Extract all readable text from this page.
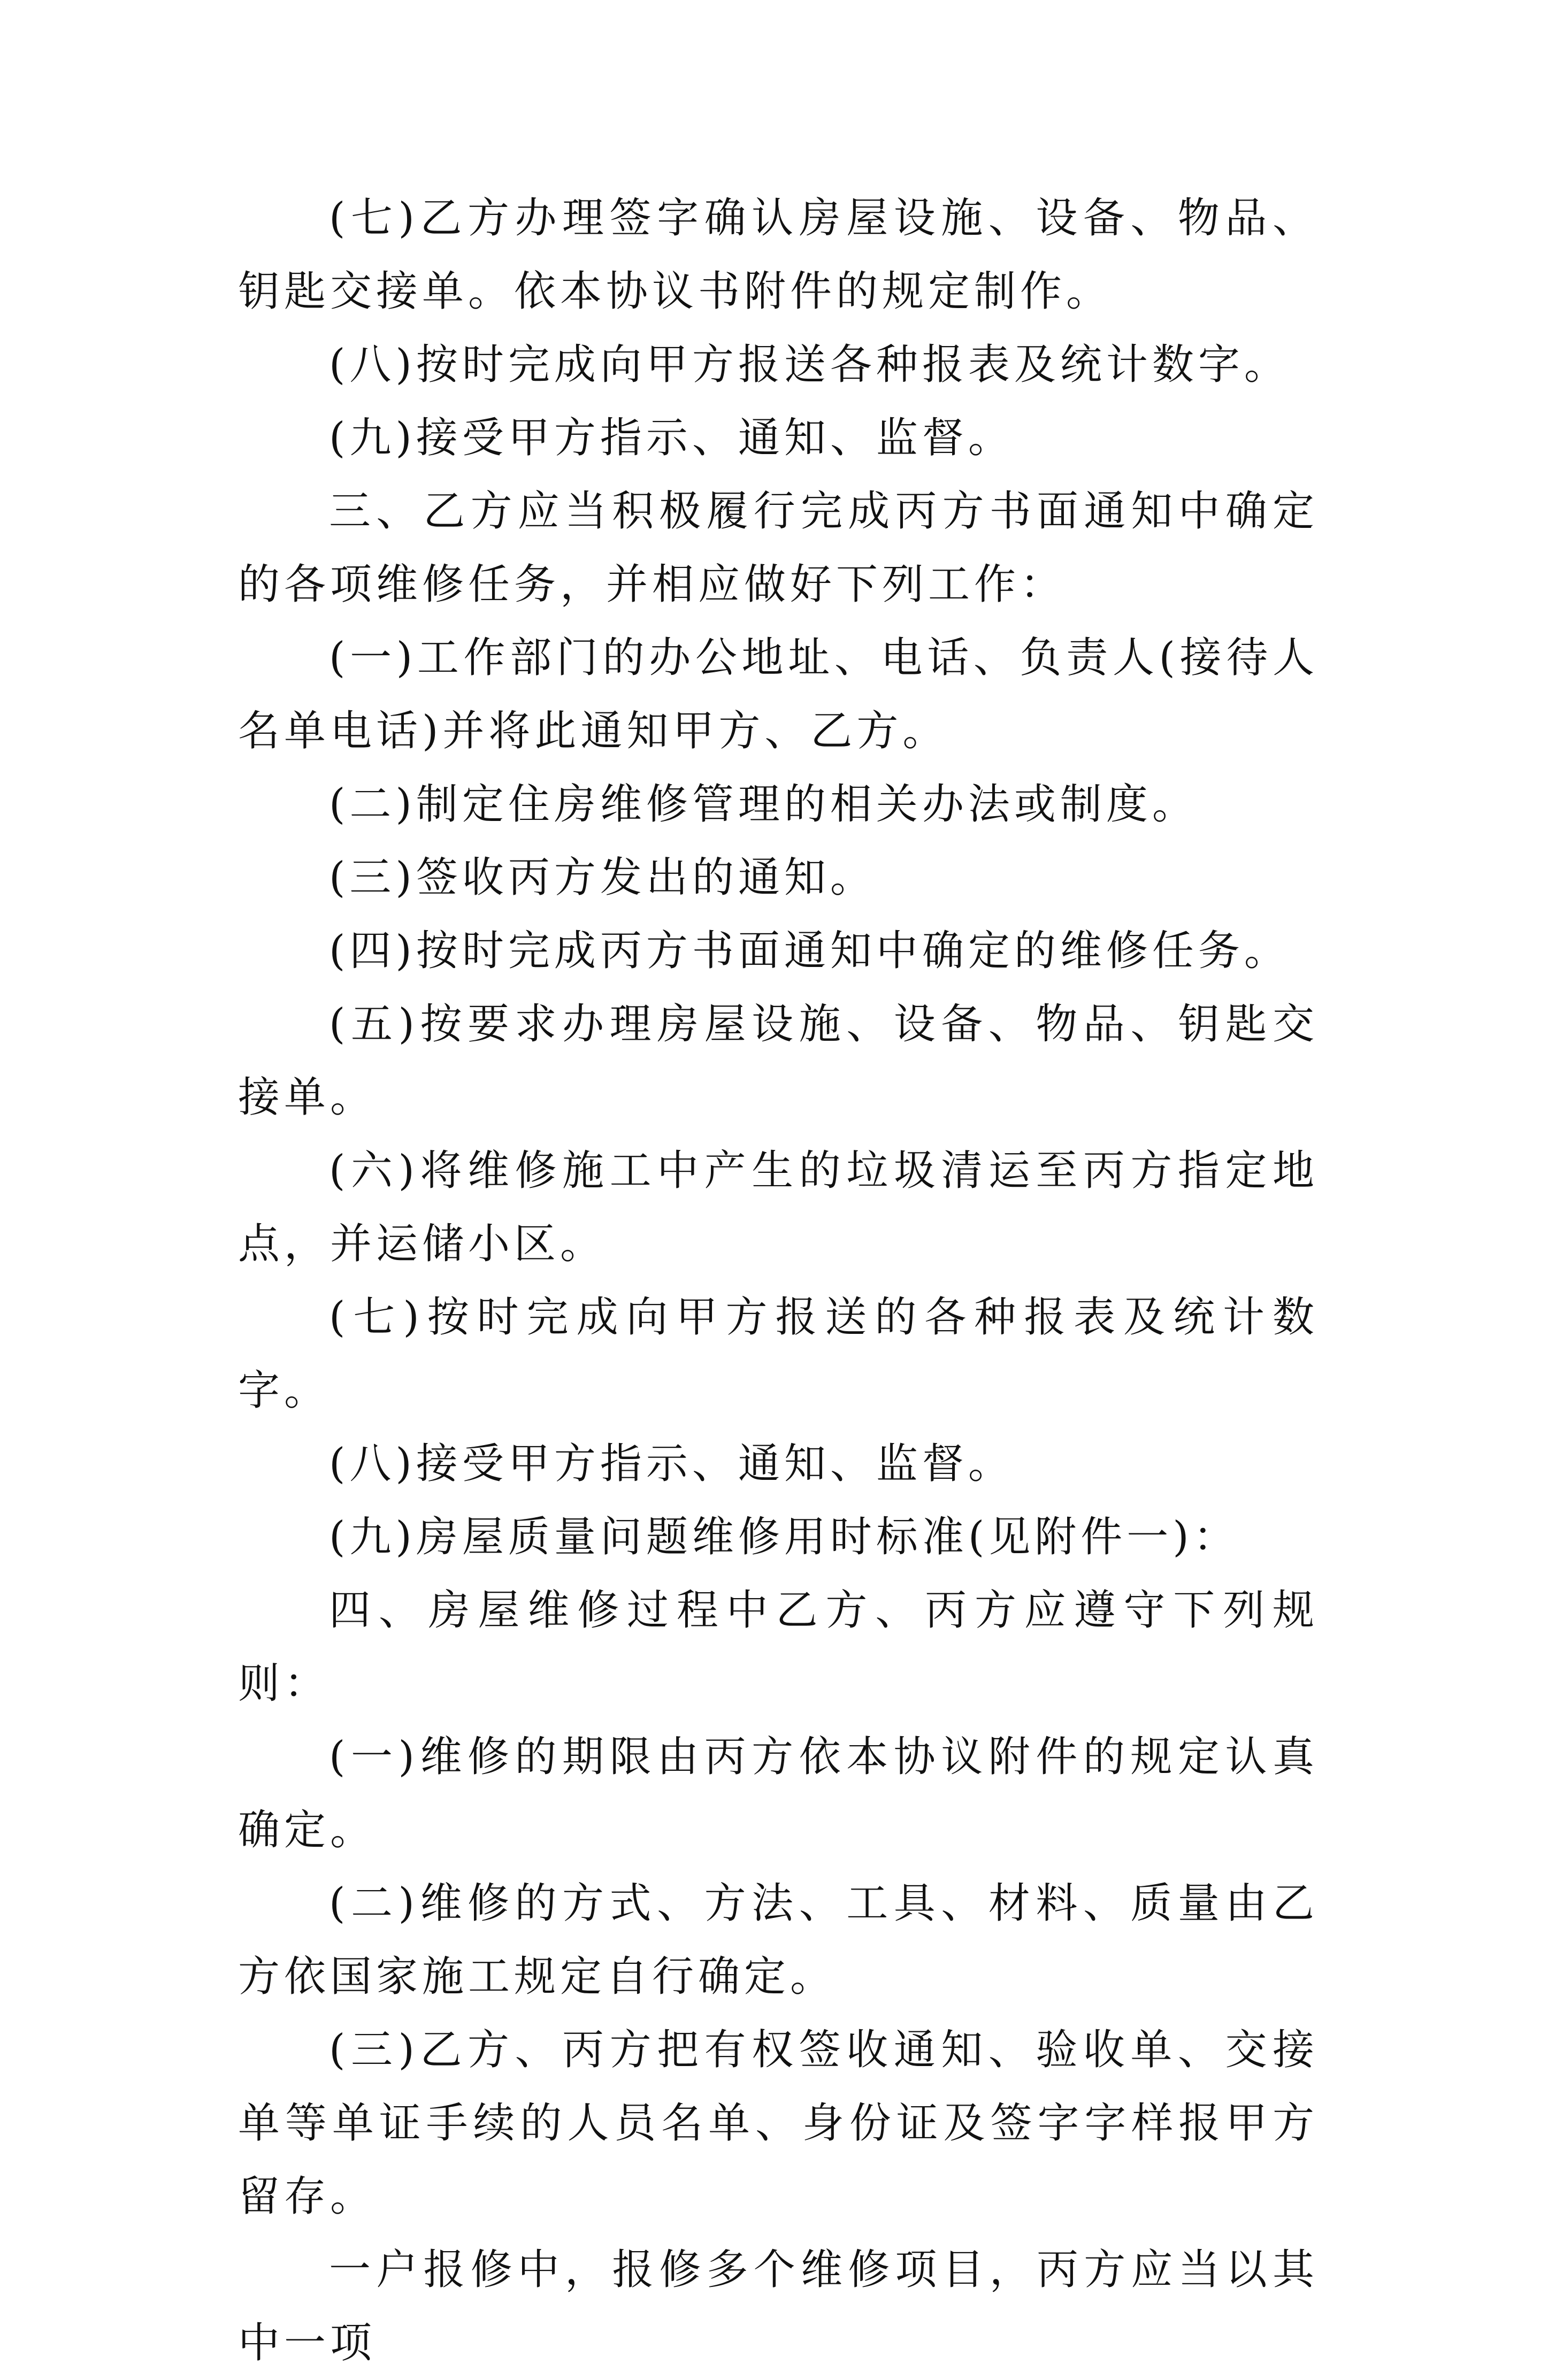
(七)乙方办理签字确认房屋设施、设备、物品、钥匙交接单。依本协议书附件的规定制作。

(八)按时完成向甲方报送各种报表及统计数字。

(九)接受甲方指示、通知、监督。

三、乙方应当积极履行完成丙方书面通知中确定的各项维修任务，并相应做好下列工作：

(一)工作部门的办公地址、电话、负责人(接待人名单电话)并将此通知甲方、乙方。

(二)制定住房维修管理的相关办法或制度。

(三)签收丙方发出的通知。

(四)按时完成丙方书面通知中确定的维修任务。

(五)按要求办理房屋设施、设备、物品、钥匙交接单。

(六)将维修施工中产生的垃圾清运至丙方指定地点，并运储小区。

(七)按时完成向甲方报送的各种报表及统计数字。

(八)接受甲方指示、通知、监督。

(九)房屋质量问题维修用时标准(见附件一)：

四、房屋维修过程中乙方、丙方应遵守下列规则：

(一)维修的期限由丙方依本协议附件的规定认真确定。

(二)维修的方式、方法、工具、材料、质量由乙方依国家施工规定自行确定。

(三)乙方、丙方把有权签收通知、验收单、交接单等单证手续的人员名单、身份证及签字字样报甲方留存。

一户报修中，报修多个维修项目，丙方应当以其中一项
